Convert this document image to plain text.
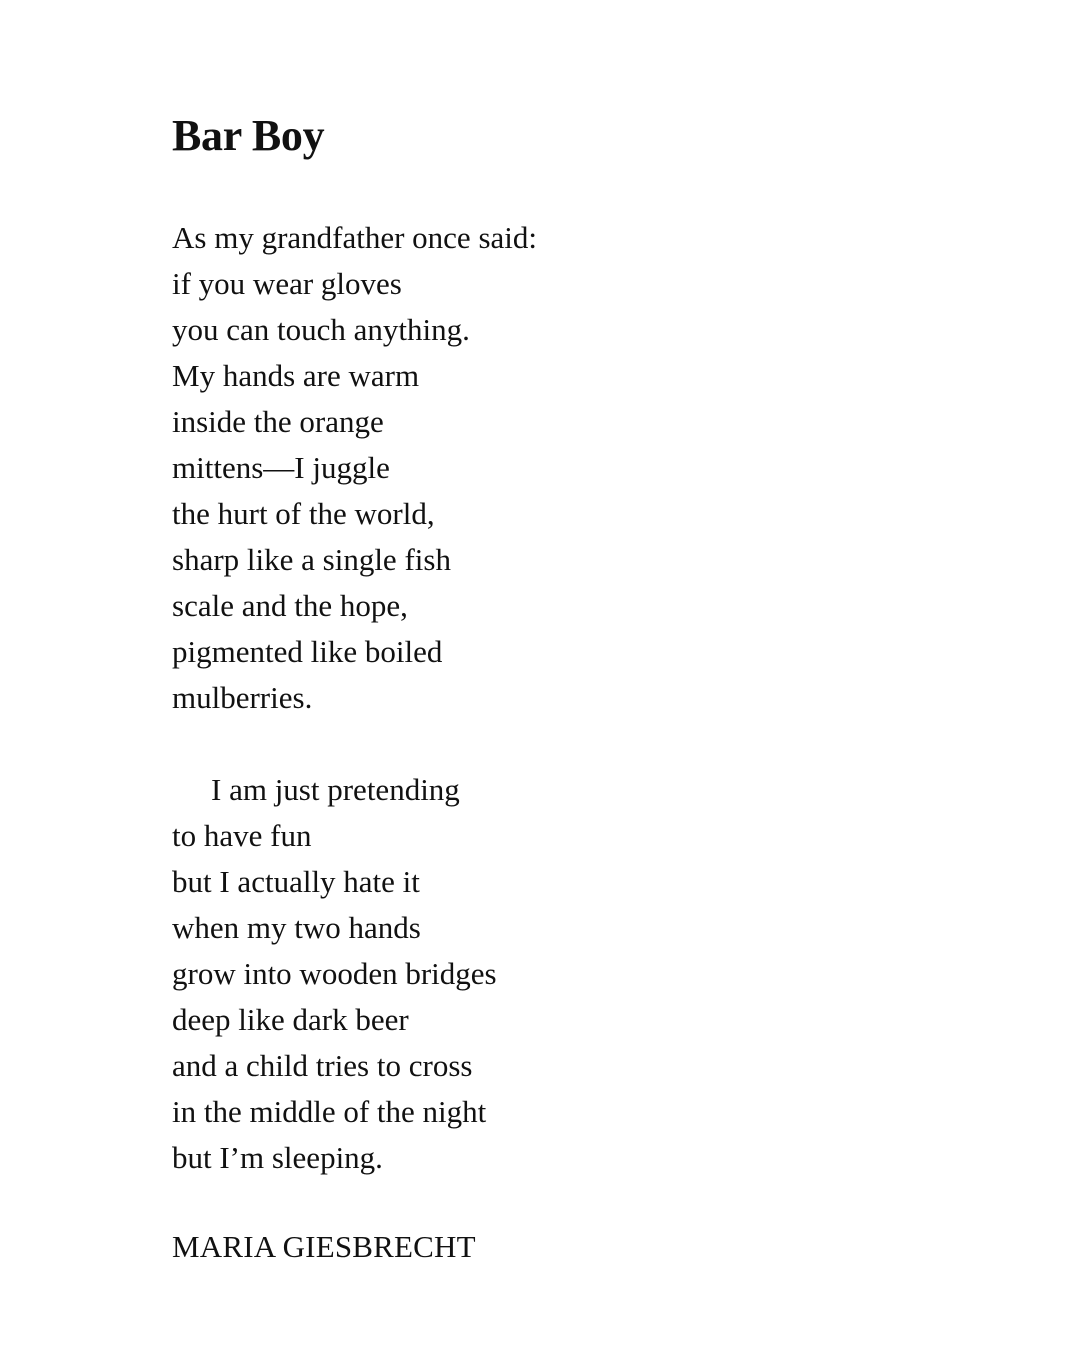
Bar Boy
As my grandfather once said:
if you wear gloves
you can touch anything.
My hands are warm
inside the orange
mittens—I juggle
the hurt of the world,
sharp like a single fish
scale and the hope,
pigmented like boiled
mulberries.
I am just pretending
to have fun
but I actually hate it
when my two hands
grow into wooden bridges
deep like dark beer
and a child tries to cross
in the middle of the night
but I’m sleeping.

MARIA GIESBRECHT
